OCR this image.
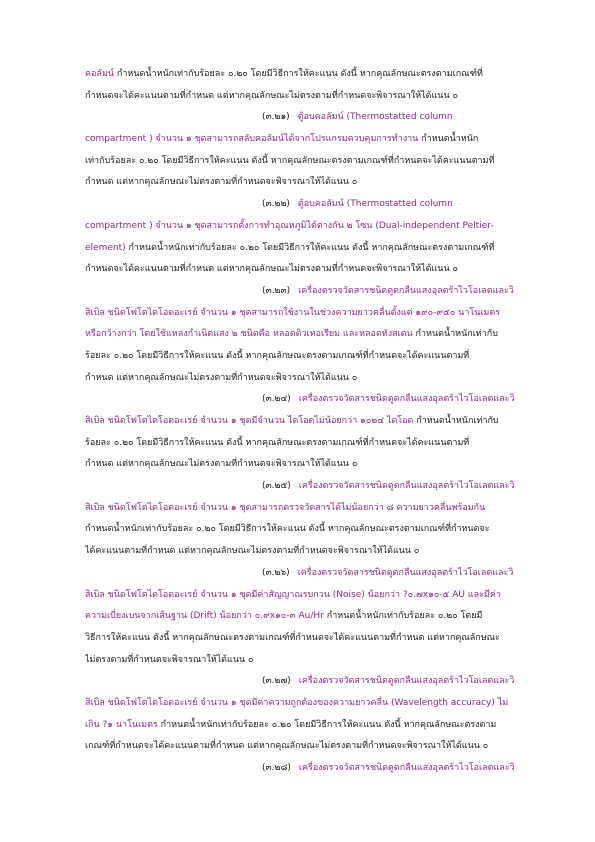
คอลัมน์ กำหนดน้ำหนักเท่ากับร้อยละ ๐.๒๐ โดยมีวิธีการให้คะแนน ดังนี้ หากคุณลักษณะตรงตามเกณฑ์ที่
กำหนดจะได้คะแนนตามที่กำหนด แต่หากคุณลักษณะไม่ตรงตามที่กำหนดจะพิจารณาให้ได้แนน ๐
(๓.๒๑) ตู้อบคอลัมน์ (Thermostatted column
compartment ) จำนวน ๑ ชุดสามารถสลับคอลัมน์ได้จากโปรแกรมควบคุมการทำงาน กำหนดน้ำหนัก
เท่ากับร้อยละ ๐.๒๐ โดยมีวิธีการให้คะแนน ดังนี้ หากคุณลักษณะตรงตามเกณฑ์ที่กำหนดจะได้คะแนนตามที่
กำหนด แต่หากคุณลักษณะไม่ตรงตามที่กำหนดจะพิจารณาให้ได้แนน ๐
(๓.๒๒) ตู้อบคอลัมน์ (Thermostatted column
compartment ) จำนวน ๑ ชุดสามารถตั้งการทำอุณหภูมิได้ต่างกัน ๒ โซน (Dual-independent Peltier-
element) กำหนดน้ำหนักเท่ากับร้อยละ ๐.๒๐ โดยมีวิธีการให้คะแนน ดังนี้ หากคุณลักษณะตรงตามเกณฑ์ที่
กำหนดจะได้คะแนนตามที่กำหนด แต่หากคุณลักษณะไม่ตรงตามที่กำหนดจะพิจารณาให้ได้แนน ๐
(๓.๒๓) เครื่องตรวจวัดสารชนิดดูดกลืนแสงอุลตร้าไวโอเลตและวิ
สิเบิล ชนิดโฟโตไดโอดอะเรย์ จำนวน ๑ ชุดสามารถใช้งานในช่วงความยาวคลื่นตั้งแต่ ๑๙๐-๙๕๐ นาโนเมตร
หรือกว้างกว่า โดยใช้แหล่งกำเนิดแสง ๒ ชนิดคือ หลอดดิวเทอเรียม และหลอดทังสเตน กำหนดน้ำหนักเท่ากับ
ร้อยละ ๐.๒๐ โดยมีวิธีการให้คะแนน ดังนี้ หากคุณลักษณะตรงตามเกณฑ์ที่กำหนดจะได้คะแนนตามที่
กำหนด แต่หากคุณลักษณะไม่ตรงตามที่กำหนดจะพิจารณาให้ได้แนน ๐
(๓.๒๔) เครื่องตรวจวัดสารชนิดดูดกลืนแสงอุลตร้าไวโอเลตและวิ
สิเบิล ชนิดโฟโตไดโอดอะเรย์ จำนวน ๑ ชุดมีจำนวน ไดโอดไม่น้อยกว่า ๑๐๒๔ ไดโอด กำหนดน้ำหนักเท่ากับ
ร้อยละ ๐.๒๐ โดยมีวิธีการให้คะแนน ดังนี้ หากคุณลักษณะตรงตามเกณฑ์ที่กำหนดจะได้คะแนนตามที่
กำหนด แต่หากคุณลักษณะไม่ตรงตามที่กำหนดจะพิจารณาให้ได้แนน ๐
(๓.๒๕) เครื่องตรวจวัดสารชนิดดูดกลืนแสงอุลตร้าไวโอเลตและวิ
สิเบิล ชนิดโฟโตไดโอดอะเรย์ จำนวน ๑ ชุดสามารถตรวจวัดสารได้ไม่น้อยกว่า ๘ ความยาวคลื่นพร้อมกัน
กำหนดน้ำหนักเท่ากับร้อยละ ๐.๒๐ โดยมีวิธีการให้คะแนน ดังนี้ หากคุณลักษณะตรงตามเกณฑ์ที่กำหนดจะ
ได้คะแนนตามที่กำหนด แต่หากคุณลักษณะไม่ตรงตามที่กำหนดจะพิจารณาให้ได้แนน ๐
(๓.๒๖) เครื่องตรวจวัดสารชนิดดูดกลืนแสงอุลตร้าไวโอเลตและวิ
สิเบิล ชนิดโฟโตไดโอดอะเรย์ จำนวน ๑ ชุดมีค่าสัญญาณรบกวน (Noise) น้อยกว่า ?๐.๗x๑๐-๕ AU และมีค่า
ความเบี่ยงเบนจากเส้นฐาน (Drift) น้อยกว่า ๐.๙x๑๐-๓ Au/Hr กำหนดน้ำหนักเท่ากับร้อยละ ๐.๒๐ โดยมี
วิธีการให้คะแนน ดังนี้ หากคุณลักษณะตรงตามเกณฑ์ที่กำหนดจะได้คะแนนตามที่กำหนด แต่หากคุณลักษณะ
ไม่ตรงตามที่กำหนดจะพิจารณาให้ได้แนน ๐
(๓.๒๗) เครื่องตรวจวัดสารชนิดดูดกลืนแสงอุลตร้าไวโอเลตและวิ
สิเบิล ชนิดโฟโตไดโอดอะเรย์ จำนวน ๑ ชุดมีค่าความถูกต้องของความยาวคลื่น (Wavelength accuracy) ไม่
เกิน ?๑ นาโนเมตร กำหนดน้ำหนักเท่ากับร้อยละ ๐.๒๐ โดยมีวิธีการให้คะแนน ดังนี้ หากคุณลักษณะตรงตาม
เกณฑ์ที่กำหนดจะได้คะแนนตามที่กำหนด แต่หากคุณลักษณะไม่ตรงตามที่กำหนดจะพิจารณาให้ได้แนน ๐
(๓.๒๘) เครื่องตรวจวัดสารชนิดดูดกลืนแสงอุลตร้าไวโอเลตและวิ
